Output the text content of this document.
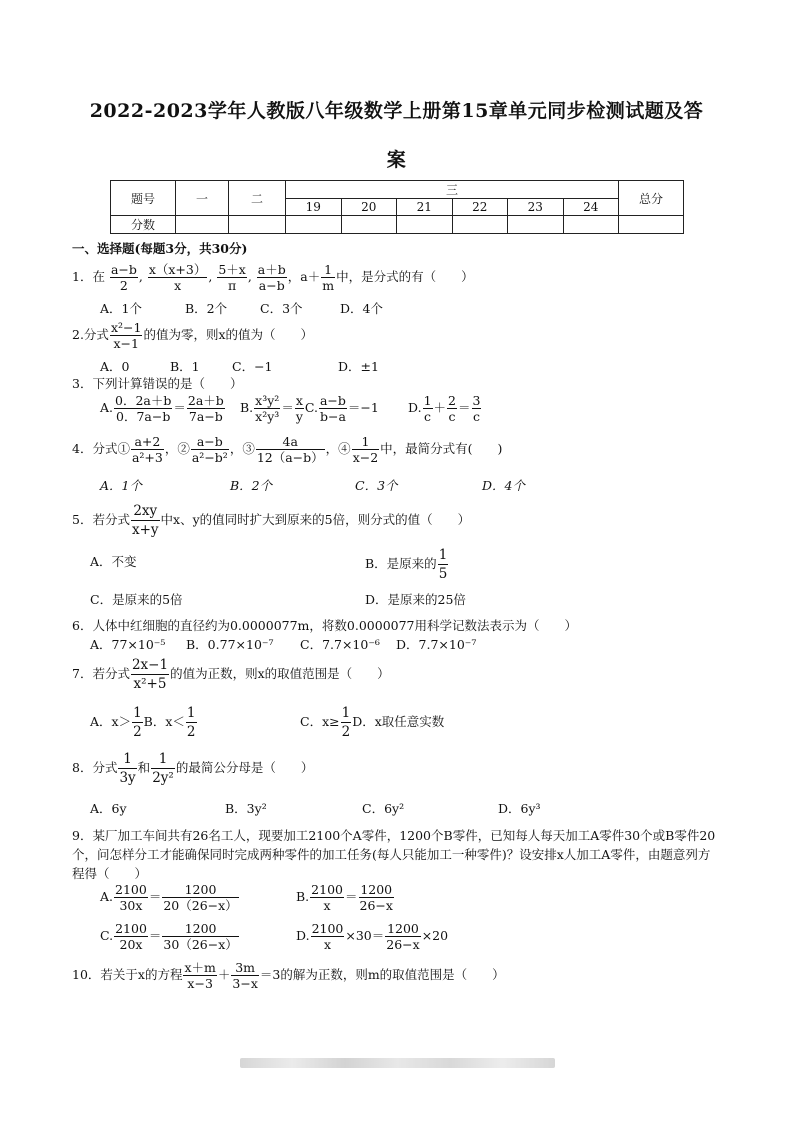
2022-2023学年人教版八年级数学上册第15章单元同步检测试题及答
案
题号	一	二	三						总分
			19	20	21	22	23	24	
分数									
一、选择题(每题3分，共30分)
1．在 $\frac{a-b}{2}$ , $\frac{x(x+3)}{x}$ , $\frac{5+x}{\pi}$ , $\frac{a+b}{a-b}$ ，$a+ \frac{1}{m}$ 中，是分式的有（　　）
A．1个	B．2个	C．3个	D．4个
2.分式 $\frac{\text{x²−1}}{x-1}$ 的值为零，则x的值为（　　）
A．0	B．1	C．−1	D．±1
3．下列计算错误的是（　　）
A. $\frac{0.2a+b}{0.7a-b} = \frac{2a+b}{7a-b} B$. $\frac{\text{x³y²}}{\text{x²y³}} = \frac{x}{y} C$. $\frac{a-b}{b-a} =-1$ D. $\frac{1}{c} + \frac{2}{c} = \frac{3}{c}$
4．分式① $\frac{a+2}{\text{a²+3}}$ ，② $\frac{a-b}{\text{a²−b²}}$ ，③ $\frac{4a}{12(a-b)}$ ，④ $\frac{1}{x-2}$ 中，最简分式有(　　)
A．1个	B．2个	C．3个	D．4个
5．若分式 $\frac{2xy}{x+y}$ 中x、y的值同时扩大到原来的5倍，则分式的值（　　）
A．不变	B．是原来的 $\frac{1}{5}$
C．是原来的5倍	D．是原来的25倍
6．人体中红细胞的直径约为0.0000077m，将数0.0000077用科学记数法表示为（　　）
A．77×10⁻⁵ B．0.77×10⁻⁷ C．7.7×10⁻⁶ D．7.7×10⁻⁷
7．若分式 $\frac{2x-1}{\text{x²+5}}$ 的值为正数，则x的取值范围是（　　）
A．$x> \frac{1}{2}$ B．$x< \frac{1}{2}$	C．$x\ge \frac{1}{2}$ D．x取任意实数
8．分式 $\frac{1}{3y}$ 和 $\frac{1}{\text{2y²}}$ 的最简公分母是（　　）
A．6y	B．3y²	C．6y²	D．6y³
9．某厂加工车间共有26名工人，现要加工2100个A零件，1200个B零件，已知每人每天加工A零件30个或B零件20个，问怎样分工才能确保同时完成两种零件的加工任务(每人只能加工一种零件)？设安排x人加工A零件，由题意列方程得（　　）
A. $\frac{2100}{30x} = \frac{1200}{20(26-x)}$	B. $\frac{2100}{x} = \frac{1200}{26-x}$
C. $\frac{2100}{20x} = \frac{1200}{30(26-x)}$	D. $\frac{2100}{x} \times 30= \frac{1200}{26-x} \times 20$
10．若关于x的方程 $\frac{x+m}{x-3} + \frac{3m}{3-x} =3$的解为正数，则m的取值范围是（　　）
